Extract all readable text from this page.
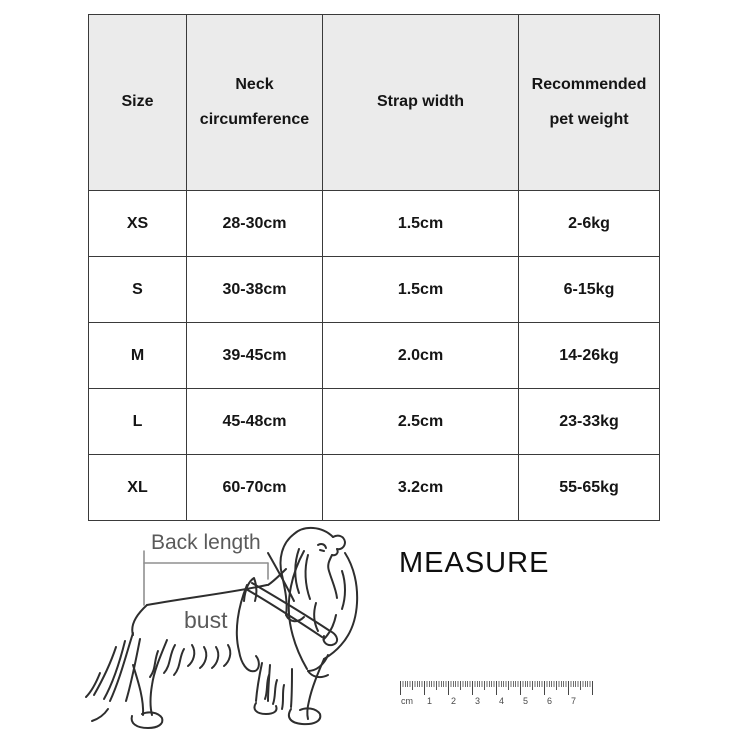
Size	Neck circumference	Strap width	Recommended pet weight
XS	28-30cm	1.5cm	2-6kg
S	30-38cm	1.5cm	6-15kg
M	39-45cm	2.0cm	14-26kg
L	45-48cm	2.5cm	23-33kg
XL	60-70cm	3.2cm	55-65kg
Back length
bust
MEASURE
cm 1 2 3 4 5 6 7
